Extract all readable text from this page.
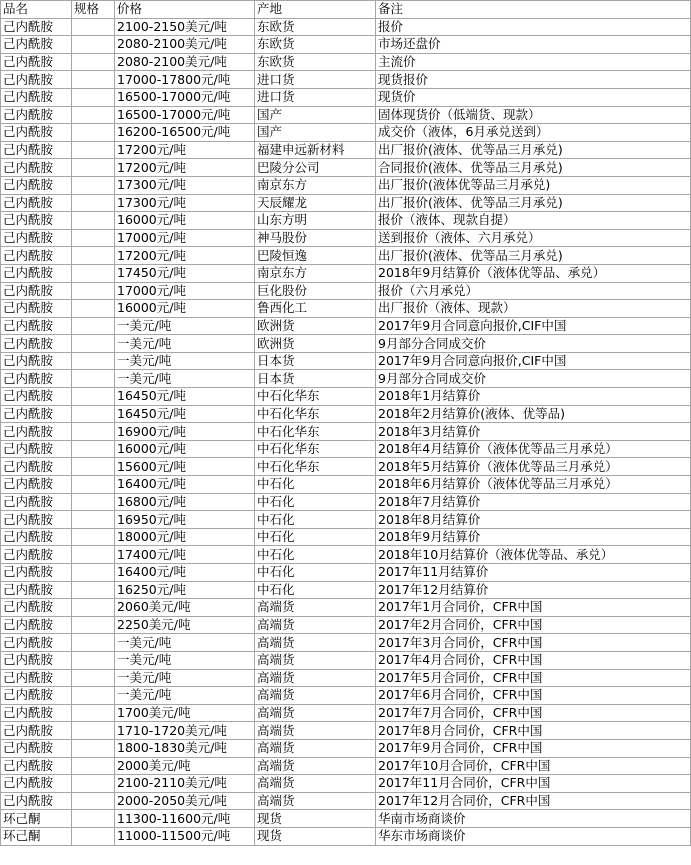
品名	规格	价格	产地	备注
己内酰胺		2100-2150美元/吨	东欧货	报价
己内酰胺		2080-2100美元/吨	东欧货	市场还盘价
己内酰胺		2080-2100美元/吨	东欧货	主流价
己内酰胺		17000-17800元/吨	进口货	现货报价
己内酰胺		16500-17000元/吨	进口货	现货价
己内酰胺		16500-17000元/吨	国产	固体现货价（低端货、现款）
己内酰胺		16200-16500元/吨	国产	成交价（液体，6月承兑送到）
己内酰胺		17200元/吨	福建申远新材料	出厂报价(液体、优等品三月承兑)
己内酰胺		17200元/吨	巴陵分公司	合同报价(液体、优等品三月承兑)
己内酰胺		17300元/吨	南京东方	出厂报价(液体优等品三月承兑)
己内酰胺		17300元/吨	天辰耀龙	出厂报价(液体、优等品三月承兑)
己内酰胺		16000元/吨	山东方明	报价（液体、现款自提）
己内酰胺		17000元/吨	神马股份	送到报价（液体、六月承兑）
己内酰胺		17200元/吨	巴陵恒逸	出厂报价(液体、优等品三月承兑)
己内酰胺		17450元/吨	南京东方	2018年9月结算价（液体优等品、承兑）
己内酰胺		17000元/吨	巨化股份	报价（六月承兑）
己内酰胺		16000元/吨	鲁西化工	出厂报价（液体、现款）
己内酰胺		一美元/吨	欧洲货	2017年9月合同意向报价,CIF中国
己内酰胺		一美元/吨	欧洲货	9月部分合同成交价
己内酰胺		一美元/吨	日本货	2017年9月合同意向报价,CIF中国
己内酰胺		一美元/吨	日本货	9月部分合同成交价
己内酰胺		16450元/吨	中石化华东	2018年1月结算价
己内酰胺		16450元/吨	中石化华东	2018年2月结算价(液体、优等品)
己内酰胺		16900元/吨	中石化华东	2018年3月结算价
己内酰胺		16000元/吨	中石化华东	2018年4月结算价（液体优等品三月承兑）
己内酰胺		15600元/吨	中石化华东	2018年5月结算价（液体优等品三月承兑）
己内酰胺		16400元/吨	中石化	2018年6月结算价（液体优等品三月承兑）
己内酰胺		16800元/吨	中石化	2018年7月结算价
己内酰胺		16950元/吨	中石化	2018年8月结算价
己内酰胺		18000元/吨	中石化	2018年9月结算价
己内酰胺		17400元/吨	中石化	2018年10月结算价（液体优等品、承兑）
己内酰胺		16400元/吨	中石化	2017年11月结算价
己内酰胺		16250元/吨	中石化	2017年12月结算价
己内酰胺		2060美元/吨	高端货	2017年1月合同价，CFR中国
己内酰胺		2250美元/吨	高端货	2017年2月合同价，CFR中国
己内酰胺		一美元/吨	高端货	2017年3月合同价，CFR中国
己内酰胺		一美元/吨	高端货	2017年4月合同价，CFR中国
己内酰胺		一美元/吨	高端货	2017年5月合同价，CFR中国
己内酰胺		一美元/吨	高端货	2017年6月合同价，CFR中国
己内酰胺		1700美元/吨	高端货	2017年7月合同价，CFR中国
己内酰胺		1710-1720美元/吨	高端货	2017年8月合同价，CFR中国
己内酰胺		1800-1830美元/吨	高端货	2017年9月合同价，CFR中国
己内酰胺		2000美元/吨	高端货	2017年10月合同价，CFR中国
己内酰胺		2100-2110美元/吨	高端货	2017年11月合同价，CFR中国
己内酰胺		2000-2050美元/吨	高端货	2017年12月合同价，CFR中国
环己酮		11300-11600元/吨	现货	华南市场商谈价
环己酮		11000-11500元/吨	现货	华东市场商谈价
